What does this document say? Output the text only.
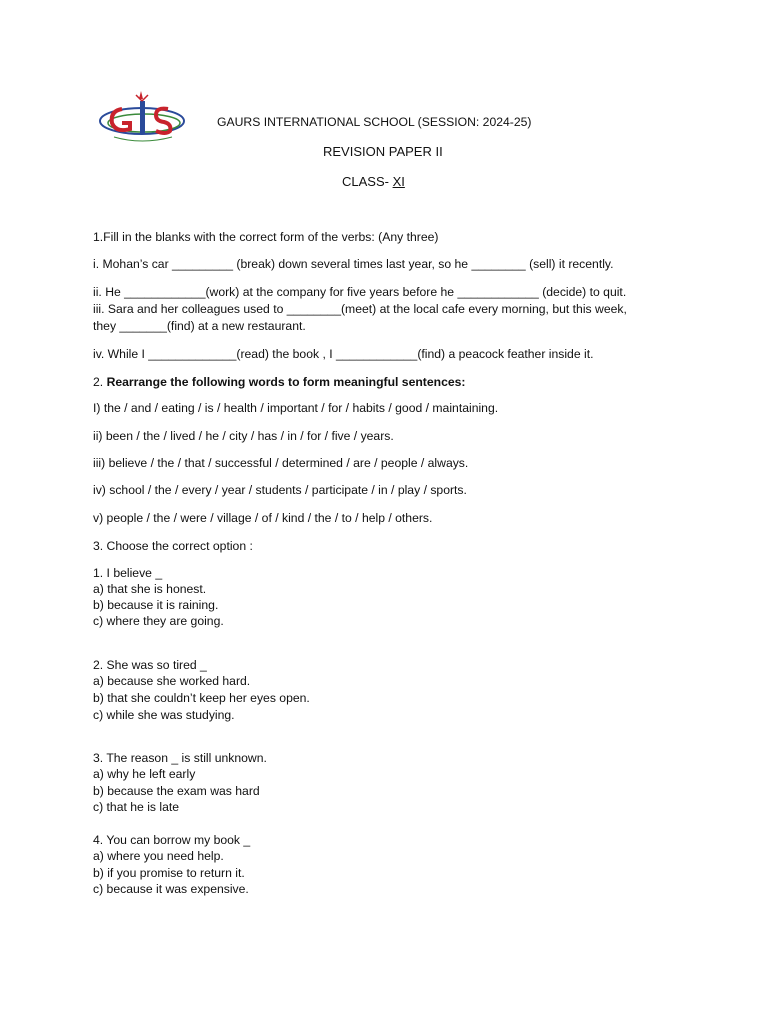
GAURS INTERNATIONAL SCHOOL (SESSION: 2024-25)
REVISION PAPER II
CLASS- XI
1.Fill in the blanks with the correct form of the verbs: (Any three)
i. Mohan’s car _________ (break) down several times last year, so he ________ (sell) it recently.
ii. He ____________(work) at the company for five years before he ____________ (decide) to quit.
iii. Sara and her colleagues used to ________(meet) at the local cafe every morning, but this week,
they _______(find) at a new restaurant.
iv. While I _____________(read) the book , I ____________(find) a peacock feather inside it.
2. Rearrange the following words to form meaningful sentences:
I) the / and / eating / is / health / important / for / habits / good / maintaining.
ii) been / the / lived / he / city / has / in / for / five / years.
iii) believe / the / that / successful / determined / are / people / always.
iv) school / the / every / year / students / participate / in / play / sports.
v) people / the / were / village / of / kind / the / to / help / others.
3. Choose the correct option :
1. I believe _
a) that she is honest.
b) because it is raining.
c) where they are going.
2. She was so tired _
a) because she worked hard.
b) that she couldn’t keep her eyes open.
c) while she was studying.
3. The reason _ is still unknown.
a) why he left early
b) because the exam was hard
c) that he is late
4. You can borrow my book _
a) where you need help.
b) if you promise to return it.
c) because it was expensive.
